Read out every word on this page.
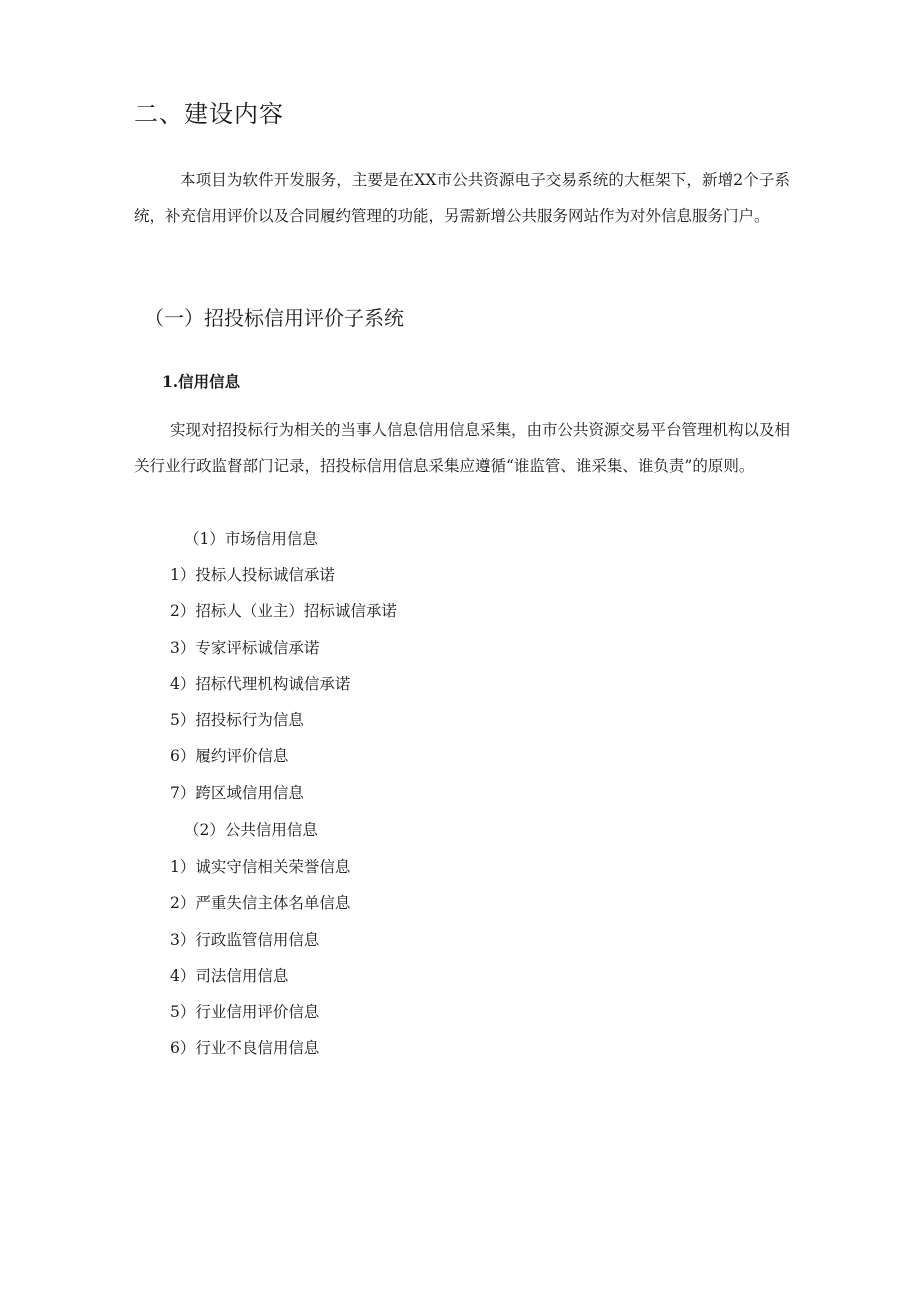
二、建设内容

本项目为软件开发服务，主要是在XX市公共资源电子交易系统的大框架下，新增2个子系统，补充信用评价以及合同履约管理的功能，另需新增公共服务网站作为对外信息服务门户。

（一）招投标信用评价子系统
1.信用信息

实现对招投标行为相关的当事人信息信用信息采集，由市公共资源交易平台管理机构以及相关行业行政监督部门记录，招投标信用信息采集应遵循“谁监管、谁采集、谁负责”的原则。

（1）市场信用信息

1）投标人投标诚信承诺
2）招标人（业主）招标诚信承诺
3）专家评标诚信承诺
4）招标代理机构诚信承诺
5）招投标行为信息
6）履约评价信息
7）跨区域信用信息

（2）公共信用信息

1）诚实守信相关荣誉信息
2）严重失信主体名单信息
3）行政监管信用信息
4）司法信用信息
5）行业信用评价信息
6）行业不良信用信息
